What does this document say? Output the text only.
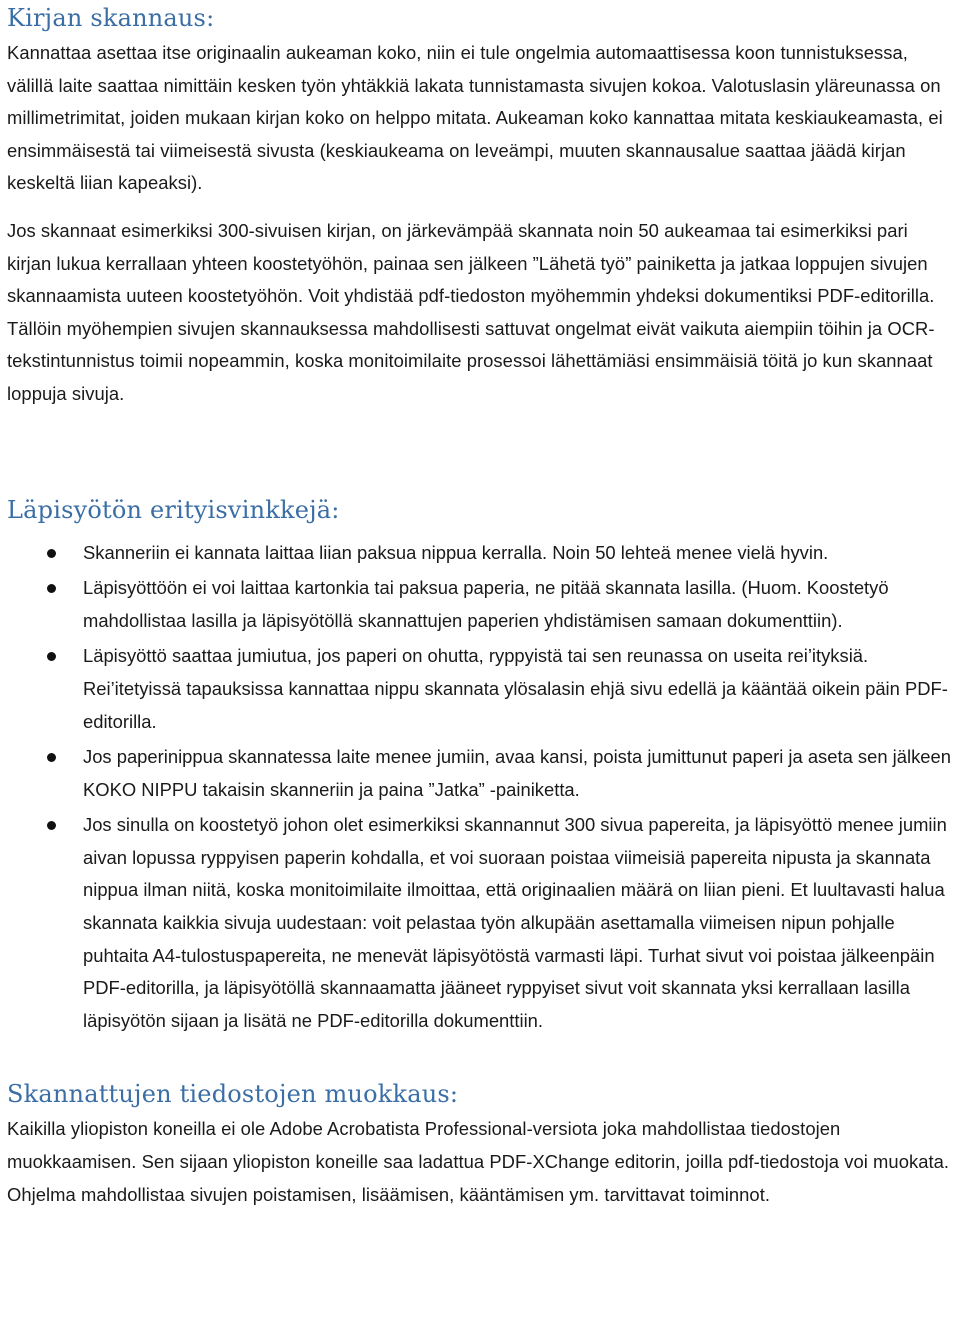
Kirjan skannaus:

Kannattaa asettaa itse originaalin aukeaman koko, niin ei tule ongelmia automaattisessa koon tunnistuksessa, välillä laite saattaa nimittäin kesken työn yhtäkkiä lakata tunnistamasta sivujen kokoa. Valotuslasin yläreunassa on millimetrimitat, joiden mukaan kirjan koko on helppo mitata. Aukeaman koko kannattaa mitata keskiaukeamasta, ei ensimmäisestä tai viimeisestä sivusta (keskiaukeama on leveämpi, muuten skannausalue saattaa jäädä kirjan keskeltä liian kapeaksi).

Jos skannaat esimerkiksi 300-sivuisen kirjan, on järkevämpää skannata noin 50 aukeamaa tai esimerkiksi pari kirjan lukua kerrallaan yhteen koostetyöhön, painaa sen jälkeen ”Lähetä työ” painiketta ja jatkaa loppujen sivujen skannaamista uuteen koostetyöhön. Voit yhdistää pdf-tiedoston myöhemmin yhdeksi dokumentiksi PDF-editorilla. Tällöin myöhempien sivujen skannauksessa mahdollisesti sattuvat ongelmat eivät vaikuta aiempiin töihin ja OCR-tekstintunnistus toimii nopeammin, koska monitoimilaite prosessoi lähettämiäsi ensimmäisiä töitä jo kun skannaat loppuja sivuja.

Läpisyötön erityisvinkkejä:
Skanneriin ei kannata laittaa liian paksua nippua kerralla. Noin 50 lehteä menee vielä hyvin.
Läpisyöttöön ei voi laittaa kartonkia tai paksua paperia, ne pitää skannata lasilla. (Huom. Koostetyö mahdollistaa lasilla ja läpisyötöllä skannattujen paperien yhdistämisen samaan dokumenttiin).
Läpisyöttö saattaa jumiutua, jos paperi on ohutta, ryppyistä tai sen reunassa on useita rei’ityksiä. Rei’itetyissä tapauksissa kannattaa nippu skannata ylösalasin ehjä sivu edellä ja kääntää oikein päin PDF-editorilla.
Jos paperinippua skannatessa laite menee jumiin, avaa kansi, poista jumittunut paperi ja aseta sen jälkeen KOKO NIPPU takaisin skanneriin ja paina ”Jatka” -painiketta.
Jos sinulla on koostetyö johon olet esimerkiksi skannannut 300 sivua papereita, ja läpisyöttö menee jumiin aivan lopussa ryppyisen paperin kohdalla, et voi suoraan poistaa viimeisiä papereita nipusta ja skannata nippua ilman niitä, koska monitoimilaite ilmoittaa, että originaalien määrä on liian pieni. Et luultavasti halua skannata kaikkia sivuja uudestaan: voit pelastaa työn alkupään asettamalla viimeisen nipun pohjalle puhtaita A4-tulostuspapereita, ne menevät läpisyötöstä varmasti läpi. Turhat sivut voi poistaa jälkeenpäin PDF-editorilla, ja läpisyötöllä skannaamatta jääneet ryppyiset sivut voit skannata yksi kerrallaan lasilla läpisyötön sijaan ja lisätä ne PDF-editorilla dokumenttiin.
Skannattujen tiedostojen muokkaus:

Kaikilla yliopiston koneilla ei ole Adobe Acrobatista Professional-versiota joka mahdollistaa tiedostojen muokkaamisen. Sen sijaan yliopiston koneille saa ladattua PDF-XChange editorin, joilla pdf-tiedostoja voi muokata. Ohjelma mahdollistaa sivujen poistamisen, lisäämisen, kääntämisen ym. tarvittavat toiminnot.
